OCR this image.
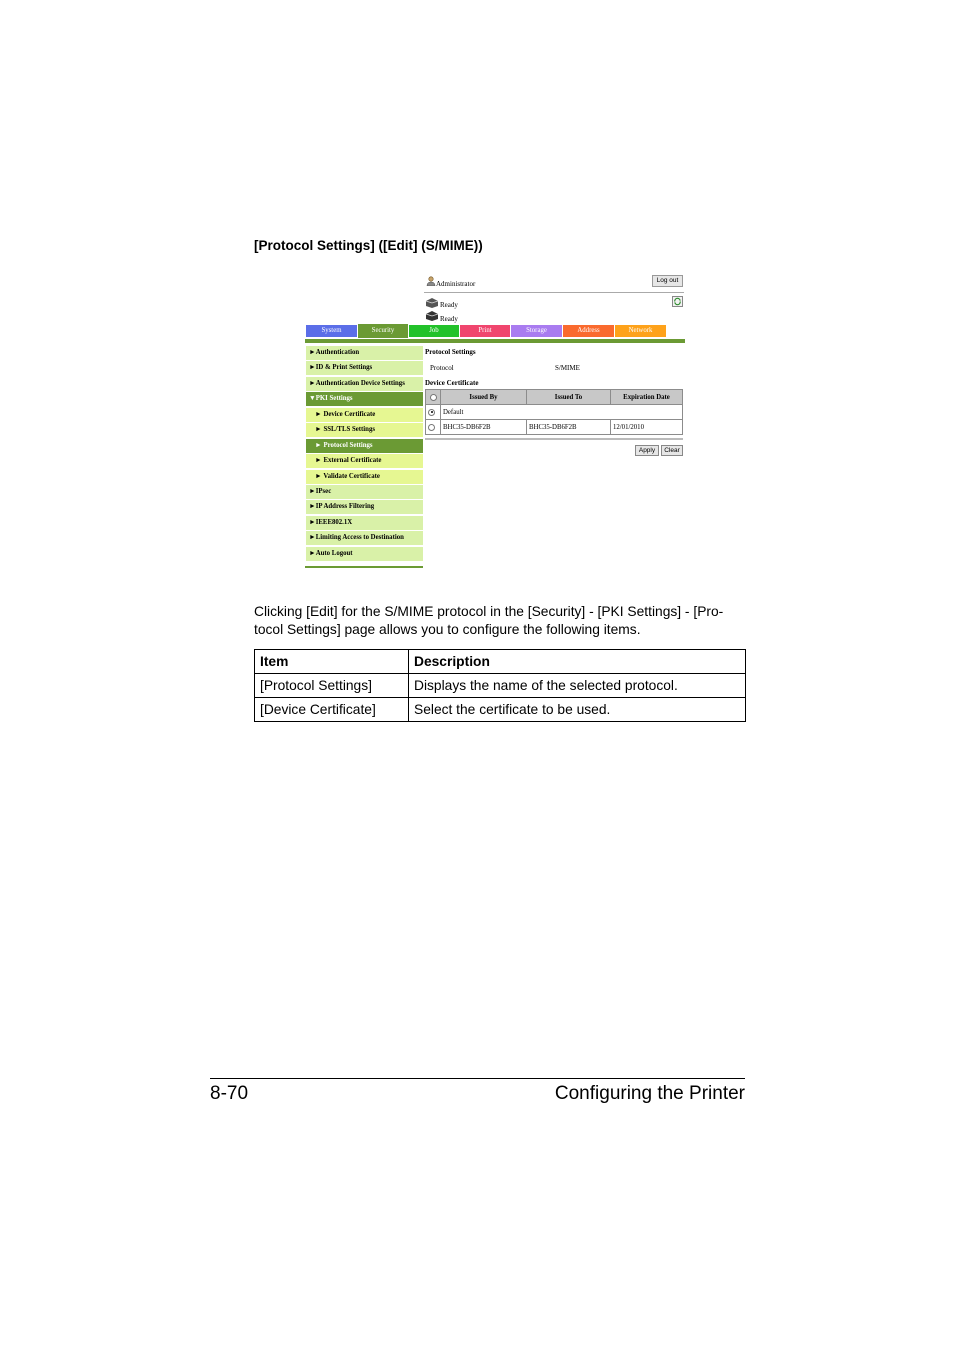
[Protocol Settings] ([Edit] (S/MIME))
Administrator	Log out
Ready
Ready
System	Security	Job	Print	Storage	Address	Network
►Authentication
►ID & Print Settings
►Authentication Device Settings
▼PKI Settings
► Device Certificate
► SSL/TLS Settings
► Protocol Settings
► External Certificate
► Validate Certificate
►IPsec
►IP Address Filtering
►IEEE802.1X
►Limiting Access to Destination
►Auto Logout
Protocol Settings
Protocol	S/MIME
Device Certificate
	Issued By	Issued To	Expiration Date
	Default		
	BHC35-DB6F2B	BHC35-DB6F2B	12/01/2010
Apply	Clear
Clicking [Edit] for the S/MIME protocol in the [Security] - [PKI Settings] - [Pro-tocol Settings] page allows you to configure the following items.
Item	Description
[Protocol Settings]	Displays the name of the selected protocol.
[Device Certificate]	Select the certificate to be used.
8-70	Configuring the Printer
